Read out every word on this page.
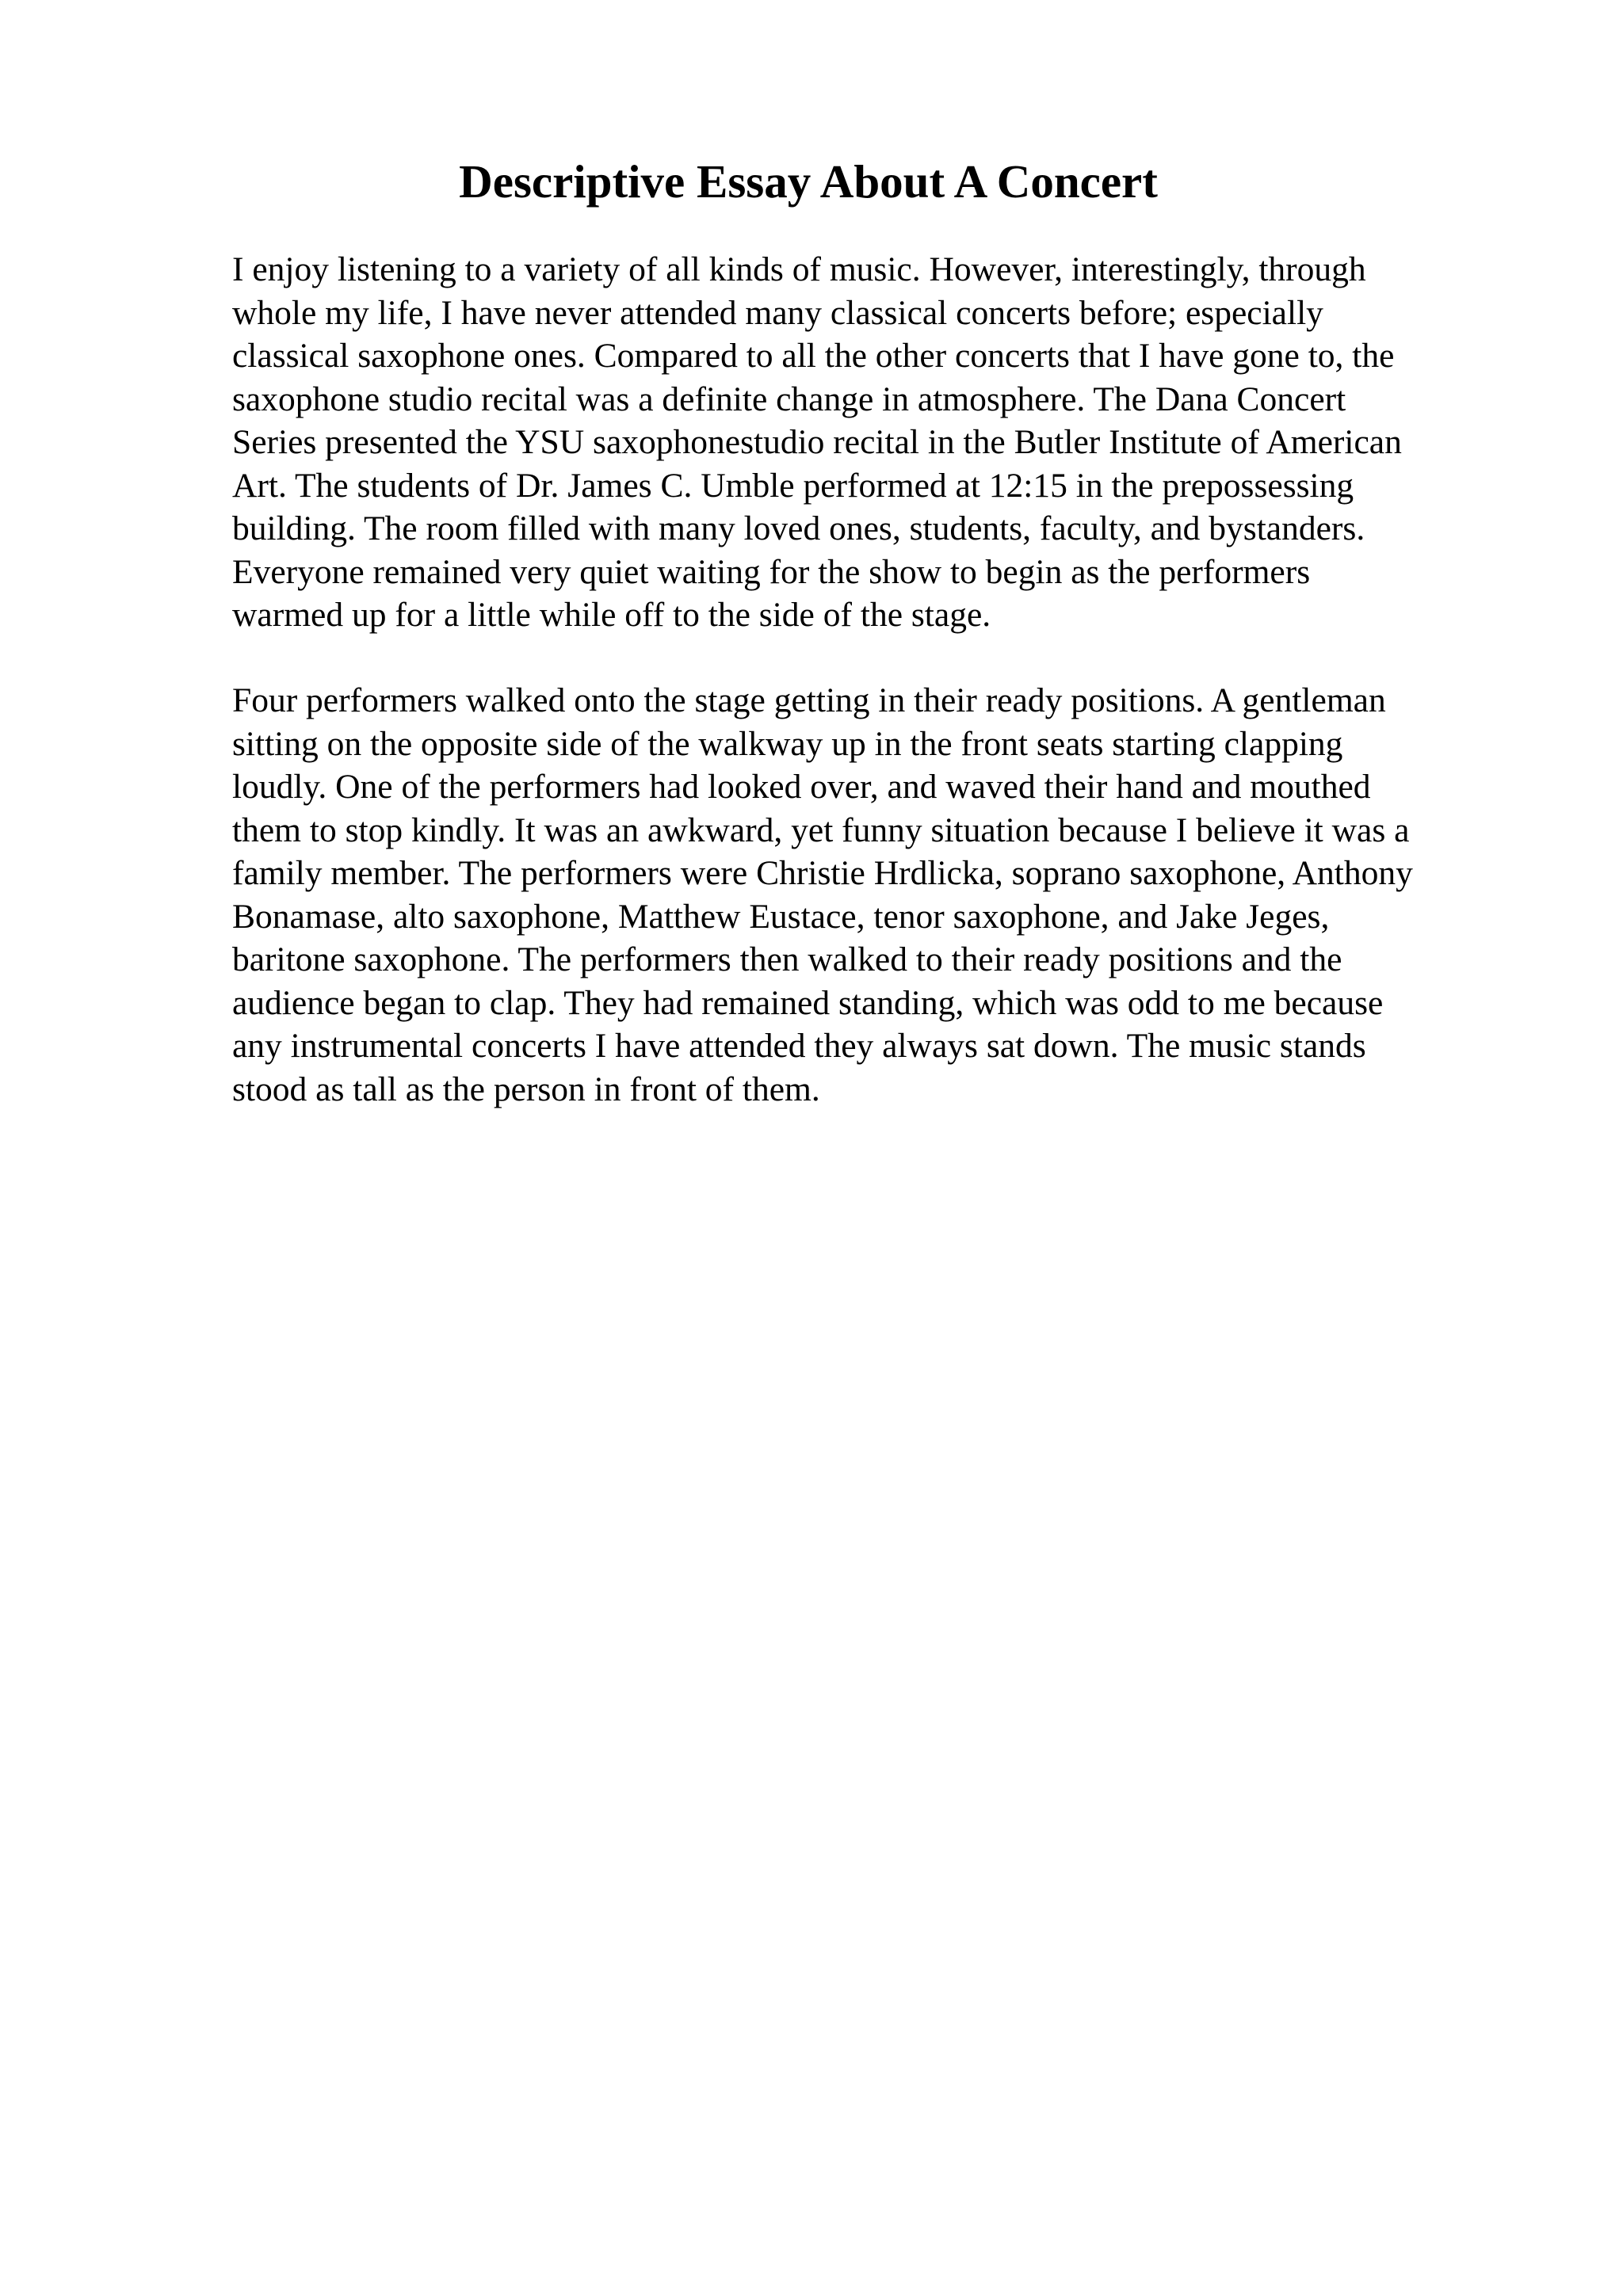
Descriptive Essay About A Concert

I enjoy listening to a variety of all kinds of music. However, interestingly, through
whole my life, I have never attended many classical concerts before; especially
classical saxophone ones. Compared to all the other concerts that I have gone to, the
saxophone studio recital was a definite change in atmosphere. The Dana Concert
Series presented the YSU saxophonestudio recital in the Butler Institute of American
Art. The students of Dr. James C. Umble performed at 12:15 in the prepossessing
building. The room filled with many loved ones, students, faculty, and bystanders.
Everyone remained very quiet waiting for the show to begin as the performers
warmed up for a little while off to the side of the stage.

Four performers walked onto the stage getting in their ready positions. A gentleman
sitting on the opposite side of the walkway up in the front seats starting clapping
loudly. One of the performers had looked over, and waved their hand and mouthed
them to stop kindly. It was an awkward, yet funny situation because I believe it was a
family member. The performers were Christie Hrdlicka, soprano saxophone, Anthony
Bonamase, alto saxophone, Matthew Eustace, tenor saxophone, and Jake Jeges,
baritone saxophone. The performers then walked to their ready positions and the
audience began to clap. They had remained standing, which was odd to me because
any instrumental concerts I have attended they always sat down. The music stands
stood as tall as the person in front of them.
